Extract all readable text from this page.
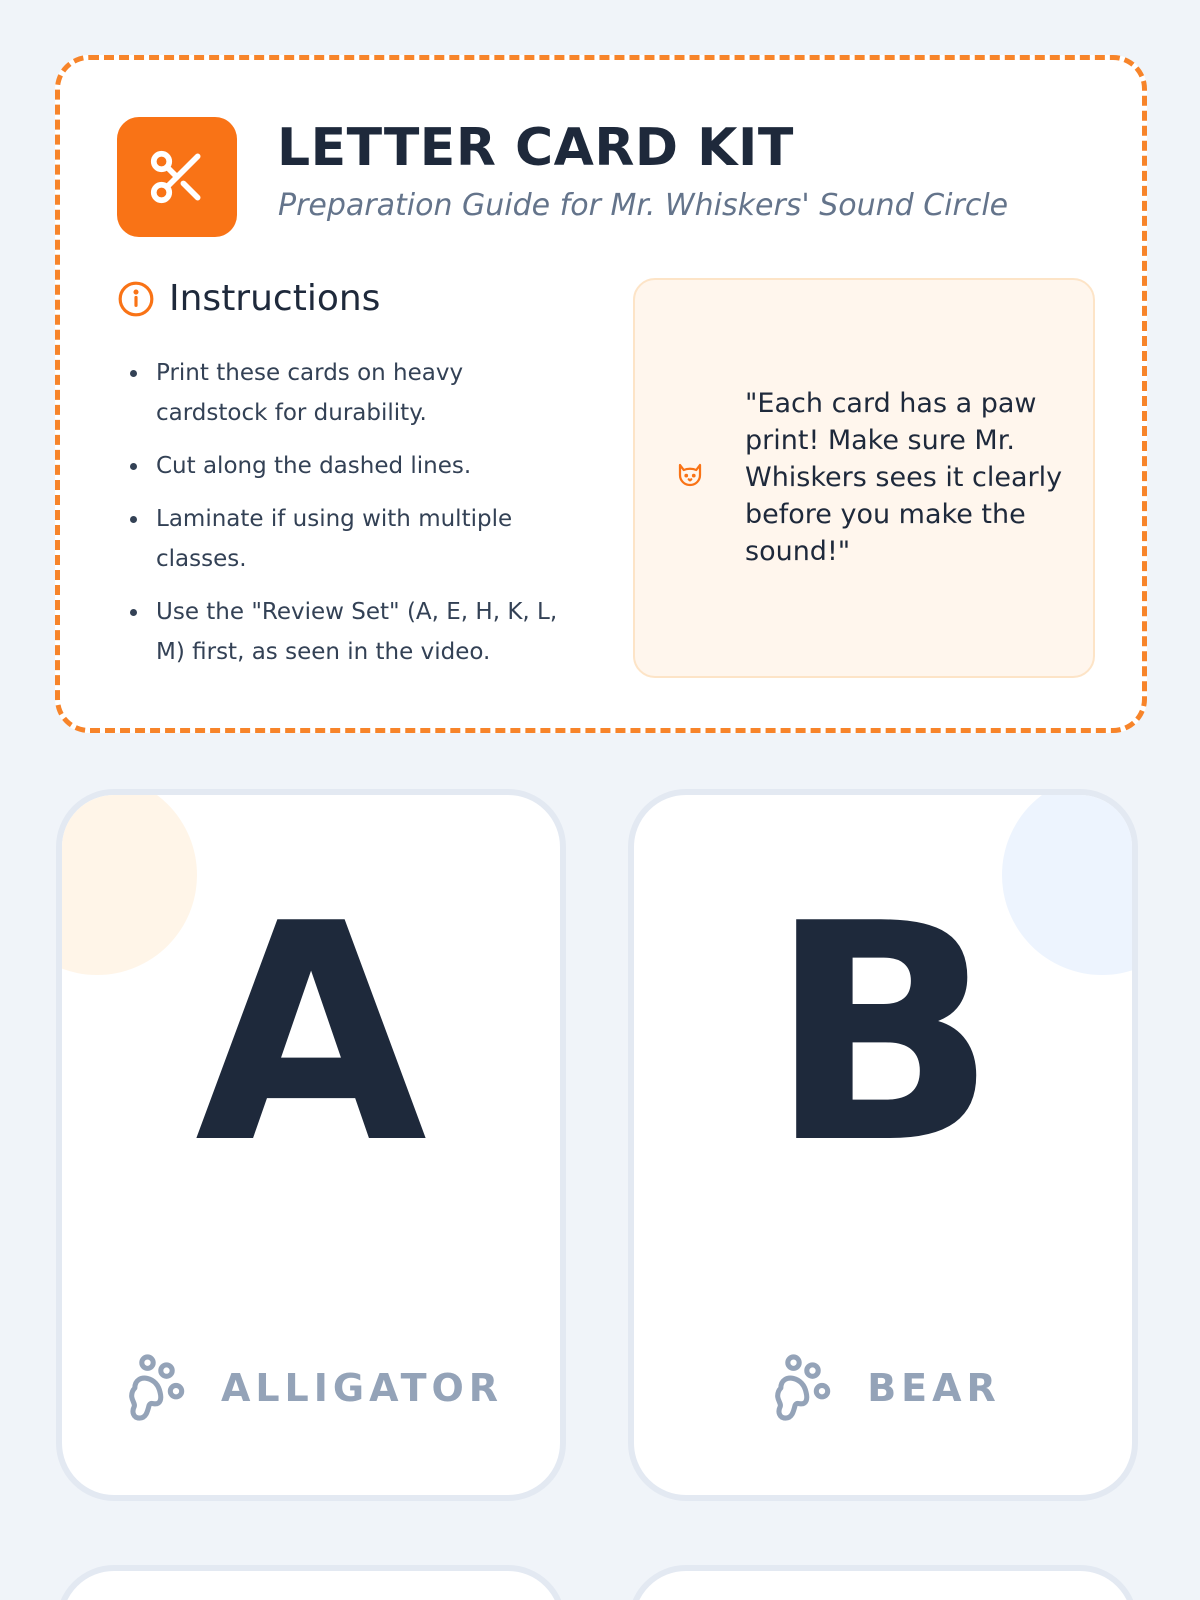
LETTER CARD KIT

Preparation Guide for Mr. Whiskers' Sound Circle

Instructions
Print these cards on heavy cardstock for durability.
Cut along the dashed lines.
Laminate if using with multiple classes.
Use the "Review Set" (A, E, H, K, L, M) first, as seen in the video.

"Each card has a paw print! Make sure Mr. Whiskers sees it clearly before you make the sound!"

A
ALLIGATOR
B
BEAR
